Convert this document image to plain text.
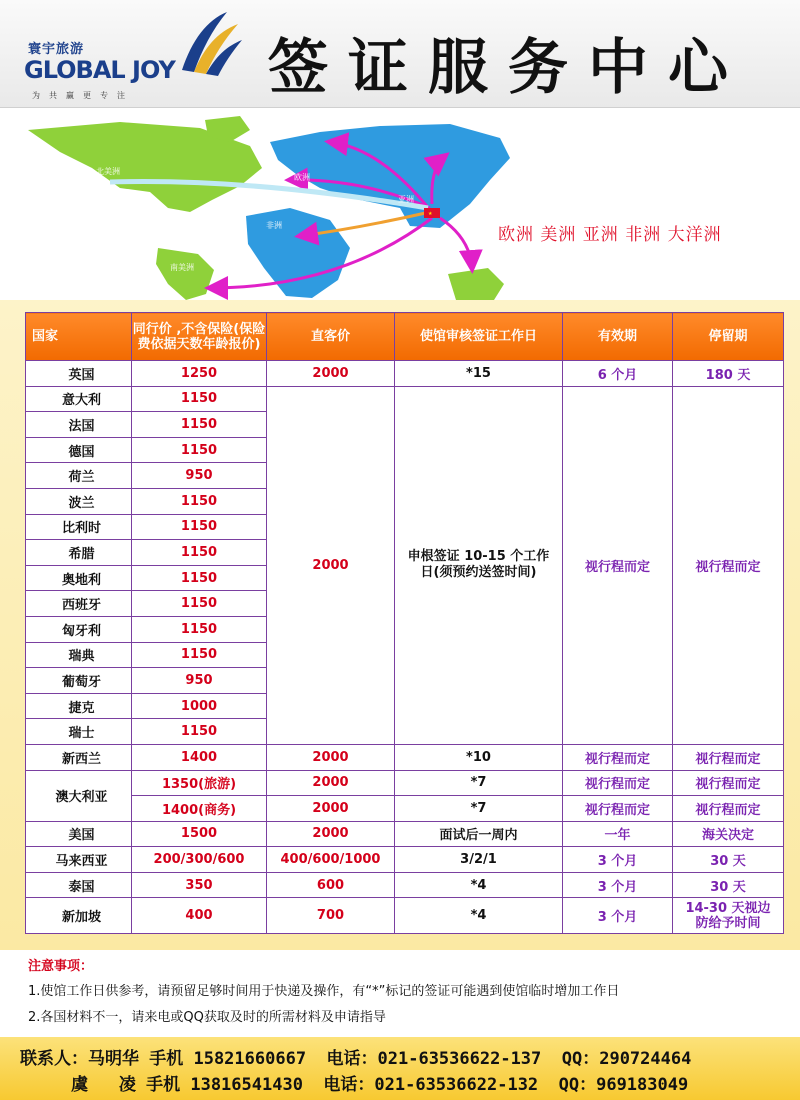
寰宇旅游
GLOBAL JOY
为共赢更专注 签证服务中心
★
北美洲
欧洲
亚洲
非洲
南美洲
欧洲 美洲 亚洲 非洲 大洋洲
国家	同行价 ,不含保险(保险费依据天数年龄报价)	直客价	使馆审核签证工作日	有效期	停留期
英国	1250	2000	*15	6 个月	180 天
意大利	1150	2000	申根签证 10-15 个工作日(须预约送签时间)	视行程而定	视行程而定
法国	1150				
德国	1150				
荷兰	950				
波兰	1150				
比利时	1150				
希腊	1150				
奥地利	1150				
西班牙	1150				
匈牙利	1150				
瑞典	1150				
葡萄牙	950				
捷克	1000				
瑞士	1150				
新西兰	1400	2000	*10	视行程而定	视行程而定
澳大利亚	1350(旅游)	2000	*7	视行程而定	视行程而定
	1400(商务)	2000	*7	视行程而定	视行程而定
美国	1500	2000	面试后一周内	一年	海关决定
马来西亚	200/300/600	400/600/1000	3/2/1	3 个月	30 天
泰国	350	600	*4	3 个月	30 天
新加坡	400	700	*4	3 个月	14-30 天视边防给予时间
注意事项：
1.使馆工作日供参考，请预留足够时间用于快递及操作，有“*”标记的签证可能遇到使馆临时增加工作日
2.各国材料不一，请来电或QQ获取及时的所需材料及申请指导
联系人：马明华 手机 15821660667  电话：021-63536622-137  QQ：290724464
虞   凌 手机 13816541430  电话：021-63536622-132  QQ：969183049
